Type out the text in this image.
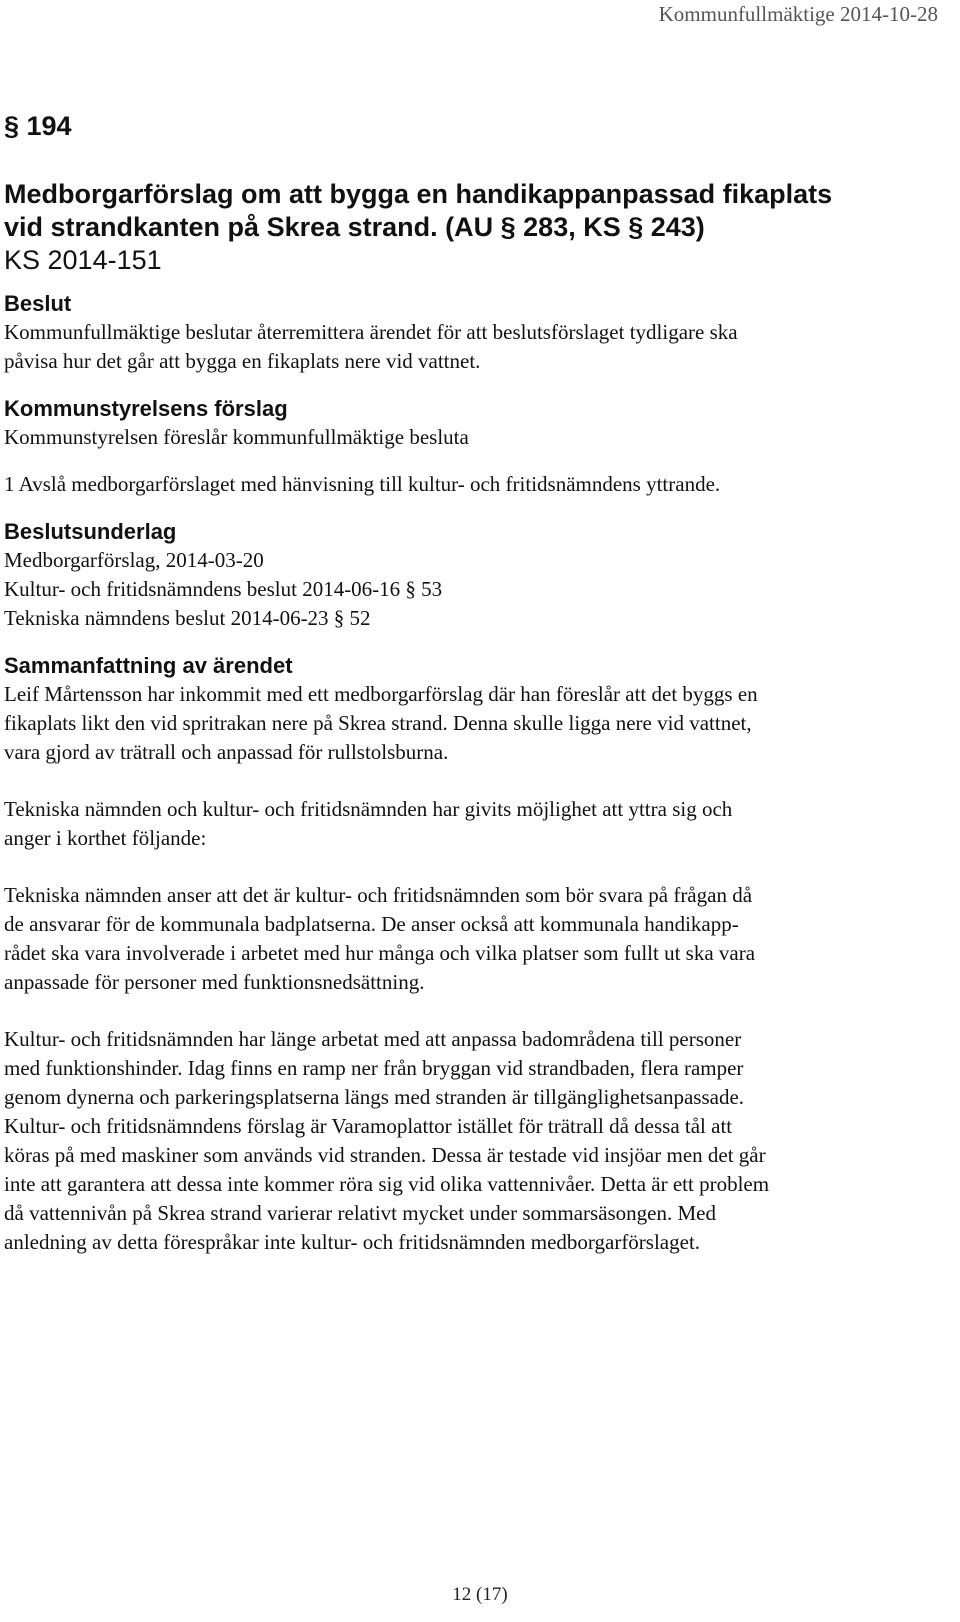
Kommunfullmäktige 2014-10-28

§ 194

Medborgarförslag om att bygga en handikappanpassad fikaplats
vid strandkanten på Skrea strand. (AU § 283, KS § 243)

KS 2014-151

Beslut

Kommunfullmäktige beslutar återremittera ärendet för att beslutsförslaget tydligare ska
påvisa hur det går att bygga en fikaplats nere vid vattnet.

Kommunstyrelsens förslag

Kommunstyrelsen föreslår kommunfullmäktige besluta

1 Avslå medborgarförslaget med hänvisning till kultur- och fritidsnämndens yttrande.

Beslutsunderlag

Medborgarförslag, 2014-03-20
Kultur- och fritidsnämndens beslut 2014-06-16 § 53
Tekniska nämndens beslut 2014-06-23 § 52

Sammanfattning av ärendet

Leif Mårtensson har inkommit med ett medborgarförslag där han föreslår att det byggs en
fikaplats likt den vid spritrakan nere på Skrea strand. Denna skulle ligga nere vid vattnet,
vara gjord av trätrall och anpassad för rullstolsburna.

Tekniska nämnden och kultur- och fritidsnämnden har givits möjlighet att yttra sig och
anger i korthet följande:

Tekniska nämnden anser att det är kultur- och fritidsnämnden som bör svara på frågan då
de ansvarar för de kommunala badplatserna. De anser också att kommunala handikapp-
rådet ska vara involverade i arbetet med hur många och vilka platser som fullt ut ska vara
anpassade för personer med funktionsnedsättning.

Kultur- och fritidsnämnden har länge arbetat med att anpassa badområdena till personer
med funktionshinder. Idag finns en ramp ner från bryggan vid strandbaden, flera ramper
genom dynerna och parkeringsplatserna längs med stranden är tillgänglighetsanpassade.
Kultur- och fritidsnämndens förslag är Varamoplattor istället för trätrall då dessa tål att
köras på med maskiner som används vid stranden. Dessa är testade vid insjöar men det går
inte att garantera att dessa inte kommer röra sig vid olika vattennivåer. Detta är ett problem
då vattennivån på Skrea strand varierar relativt mycket under sommarsäsongen. Med
anledning av detta förespråkar inte kultur- och fritidsnämnden medborgarförslaget.

12 (17)
